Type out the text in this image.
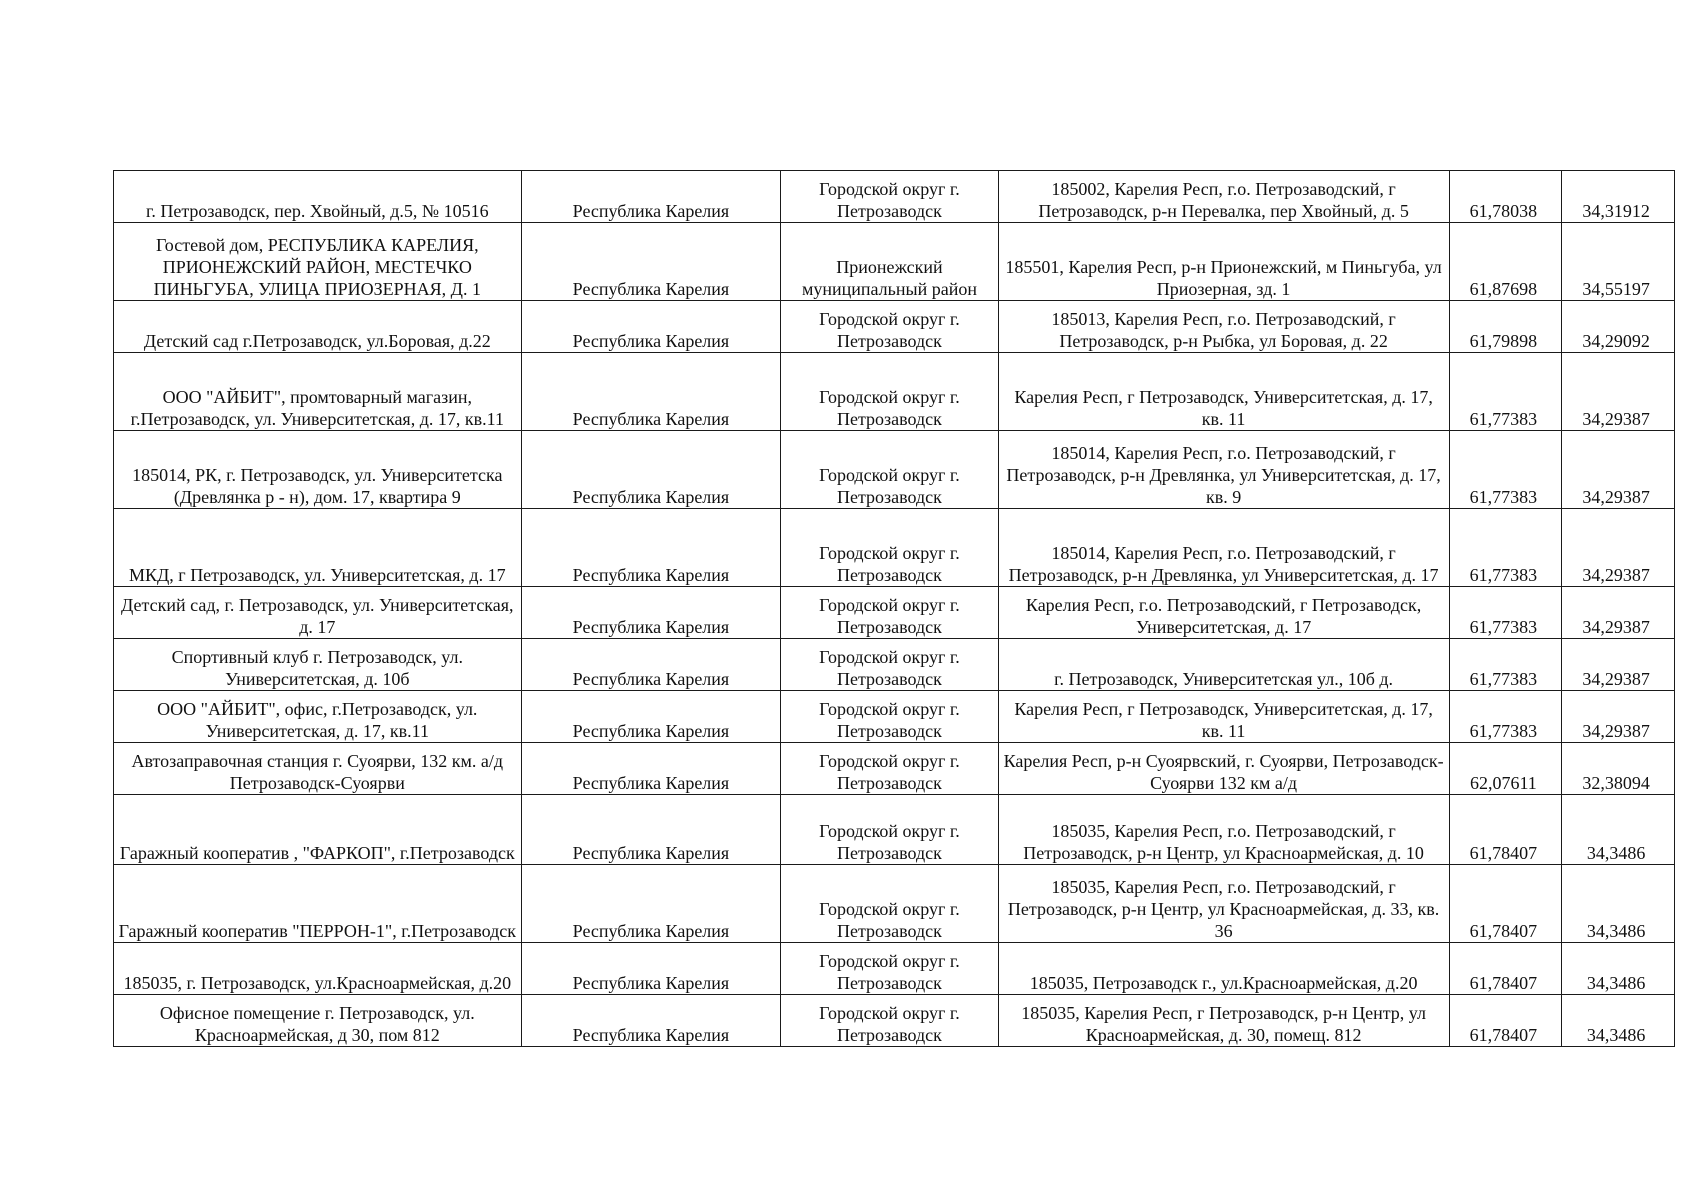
г. Петрозаводск, пер. Хвойный, д.5, № 10516	Республика Карелия	Городской округ г. Петрозаводск	185002, Карелия Респ, г.о. Петрозаводский, г Петрозаводск, р-н Перевалка, пер Хвойный, д. 5	61,78038	34,31912
Гостевой дом, РЕСПУБЛИКА КАРЕЛИЯ, ПРИОНЕЖСКИЙ РАЙОН, МЕСТЕЧКО ПИНЬГУБА, УЛИЦА ПРИОЗЕРНАЯ, Д. 1	Республика Карелия	Прионежский муниципальный район	185501, Карелия Респ, р-н Прионежский, м Пиньгуба, ул Приозерная, зд. 1	61,87698	34,55197
Детский сад г.Петрозаводск, ул.Боровая, д.22	Республика Карелия	Городской округ г. Петрозаводск	185013, Карелия Респ, г.о. Петрозаводский, г Петрозаводск, р-н Рыбка, ул Боровая, д. 22	61,79898	34,29092
ООО "АЙБИТ", промтоварный магазин, г.Петрозаводск, ул. Университетская, д. 17, кв.11	Республика Карелия	Городской округ г. Петрозаводск	Карелия Респ, г Петрозаводск, Университетская, д. 17, кв. 11	61,77383	34,29387
185014, РК, г. Петрозаводск, ул. Университетска (Древлянка р - н), дом. 17, квартира 9	Республика Карелия	Городской округ г. Петрозаводск	185014, Карелия Респ, г.о. Петрозаводский, г Петрозаводск, р-н Древлянка, ул Университетская, д. 17, кв. 9	61,77383	34,29387
МКД, г Петрозаводск, ул. Университетская, д. 17	Республика Карелия	Городской округ г. Петрозаводск	185014, Карелия Респ, г.о. Петрозаводский, г Петрозаводск, р-н Древлянка, ул Университетская, д. 17	61,77383	34,29387
Детский сад, г. Петрозаводск, ул. Университетская, д. 17	Республика Карелия	Городской округ г. Петрозаводск	Карелия Респ, г.о. Петрозаводский, г Петрозаводск, Университетская, д. 17	61,77383	34,29387
Спортивный клуб г. Петрозаводск, ул. Университетская, д. 10б	Республика Карелия	Городской округ г. Петрозаводск	г. Петрозаводск, Университетская ул., 10б д.	61,77383	34,29387
ООО "АЙБИТ", офис, г.Петрозаводск, ул. Университетская, д. 17, кв.11	Республика Карелия	Городской округ г. Петрозаводск	Карелия Респ, г Петрозаводск, Университетская, д. 17, кв. 11	61,77383	34,29387
Автозаправочная станция г. Суоярви, 132 км. а/д Петрозаводск-Суоярви	Республика Карелия	Городской округ г. Петрозаводск	Карелия Респ, р-н Суоярвский, г. Суоярви, Петрозаводск-Суоярви 132 км а/д	62,07611	32,38094
Гаражный кооператив , "ФАРКОП", г.Петрозаводск	Республика Карелия	Городской округ г. Петрозаводск	185035, Карелия Респ, г.о. Петрозаводский, г Петрозаводск, р-н Центр, ул Красноармейская, д. 10	61,78407	34,3486
Гаражный кооператив "ПЕРРОН-1", г.Петрозаводск	Республика Карелия	Городской округ г. Петрозаводск	185035, Карелия Респ, г.о. Петрозаводский, г Петрозаводск, р-н Центр, ул Красноармейская, д. 33, кв. 36	61,78407	34,3486
185035, г. Петрозаводск, ул.Красноармейская, д.20	Республика Карелия	Городской округ г. Петрозаводск	185035, Петрозаводск г., ул.Красноармейская, д.20	61,78407	34,3486
Офисное помещение г. Петрозаводск, ул. Красноармейская, д 30, пом 812	Республика Карелия	Городской округ г. Петрозаводск	185035, Карелия Респ, г Петрозаводск, р-н Центр, ул Красноармейская, д. 30, помещ. 812	61,78407	34,3486
